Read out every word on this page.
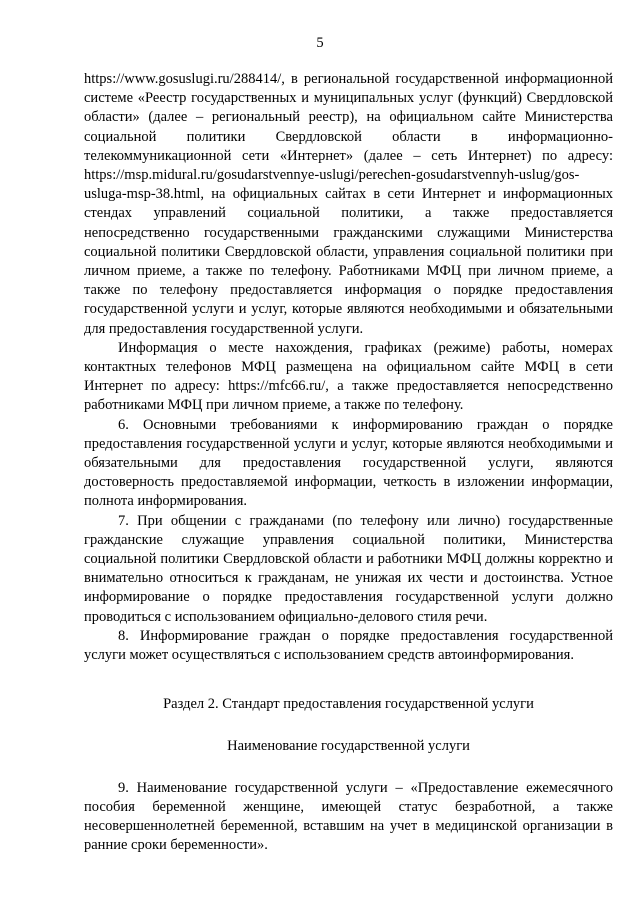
5

https://www.gosuslugi.ru/288414/, в региональной государственной информационной системе «Реестр государственных и муниципальных услуг (функций) Свердловской области» (далее – региональный реестр), на официальном сайте Министерства социальной политики Свердловской области в информационно-телекоммуникационной сети «Интернет» (далее – сеть Интернет) по адресу: https://msp.midural.ru/gosudarstvennye-uslugi/perechen-gosudarstvennyh-uslug/gos-usluga-msp-38.html, на официальных сайтах в сети Интернет и информационных стендах управлений социальной политики, а также предоставляется непосредственно государственными гражданскими служащими Министерства социальной политики Свердловской области, управления социальной политики при личном приеме, а также по телефону. Работниками МФЦ при личном приеме, а также по телефону предоставляется информация о порядке предоставления государственной услуги и услуг, которые являются необходимыми и обязательными для предоставления государственной услуги.

Информация о месте нахождения, графиках (режиме) работы, номерах контактных телефонов МФЦ размещена на официальном сайте МФЦ в сети Интернет по адресу: https://mfc66.ru/, а также предоставляется непосредственно работниками МФЦ при личном приеме, а также по телефону.

6. Основными требованиями к информированию граждан о порядке предоставления государственной услуги и услуг, которые являются необходимыми и обязательными для предоставления государственной услуги, являются достоверность предоставляемой информации, четкость в изложении информации, полнота информирования.

7. При общении с гражданами (по телефону или лично) государственные гражданские служащие управления социальной политики, Министерства социальной политики Свердловской области и работники МФЦ должны корректно и внимательно относиться к гражданам, не унижая их чести и достоинства. Устное информирование о порядке предоставления государственной услуги должно проводиться с использованием официально-делового стиля речи.

8. Информирование граждан о порядке предоставления государственной услуги может осуществляться с использованием средств автоинформирования.

Раздел 2. Стандарт предоставления государственной услуги

Наименование государственной услуги

9. Наименование государственной услуги – «Предоставление ежемесячного пособия беременной женщине, имеющей статус безработной, а также несовершеннолетней беременной, вставшим на учет в медицинской организации в ранние сроки беременности».
